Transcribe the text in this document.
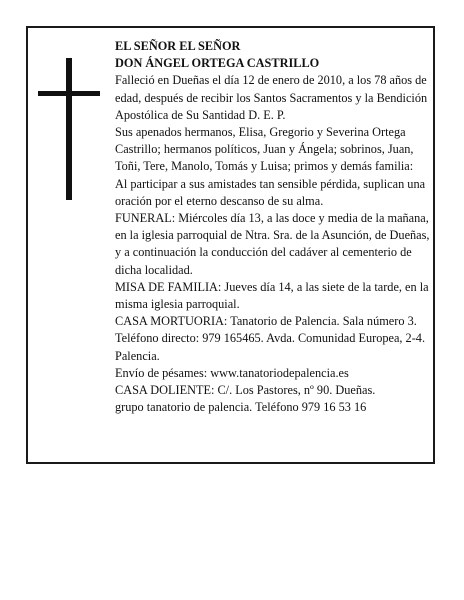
EL SEÑOR EL SEÑOR

DON ÁNGEL ORTEGA CASTRILLO

Falleció en Dueñas el día 12 de enero de 2010, a los 78 años de edad, después de recibir los Santos Sacramentos y la Bendición Apostólica de Su Santidad D. E. P.

Sus apenados hermanos, Elisa, Gregorio y Severina Ortega Castrillo; hermanos políticos, Juan y Ángela; sobrinos, Juan, Toñi, Tere, Manolo, Tomás y Luisa; primos y demás familia:

Al participar a sus amistades tan sensible pérdida, suplican una oración por el eterno descanso de su alma.

FUNERAL: Miércoles día 13, a las doce y media de la mañana, en la iglesia parroquial de Ntra. Sra. de la Asunción, de Dueñas, y a continuación la conducción del cadáver al cementerio de dicha localidad.

MISA DE FAMILIA: Jueves día 14, a las siete de la tarde, en la misma iglesia parroquial.

CASA MORTUORIA: Tanatorio de Palencia. Sala número 3. Teléfono directo: 979 165465. Avda. Comunidad Europea, 2-4. Palencia.

Envío de pésames: www.tanatoriodepalencia.es

CASA DOLIENTE: C/. Los Pastores, nº 90. Dueñas.

grupo tanatorio de palencia. Teléfono 979 16 53 16
